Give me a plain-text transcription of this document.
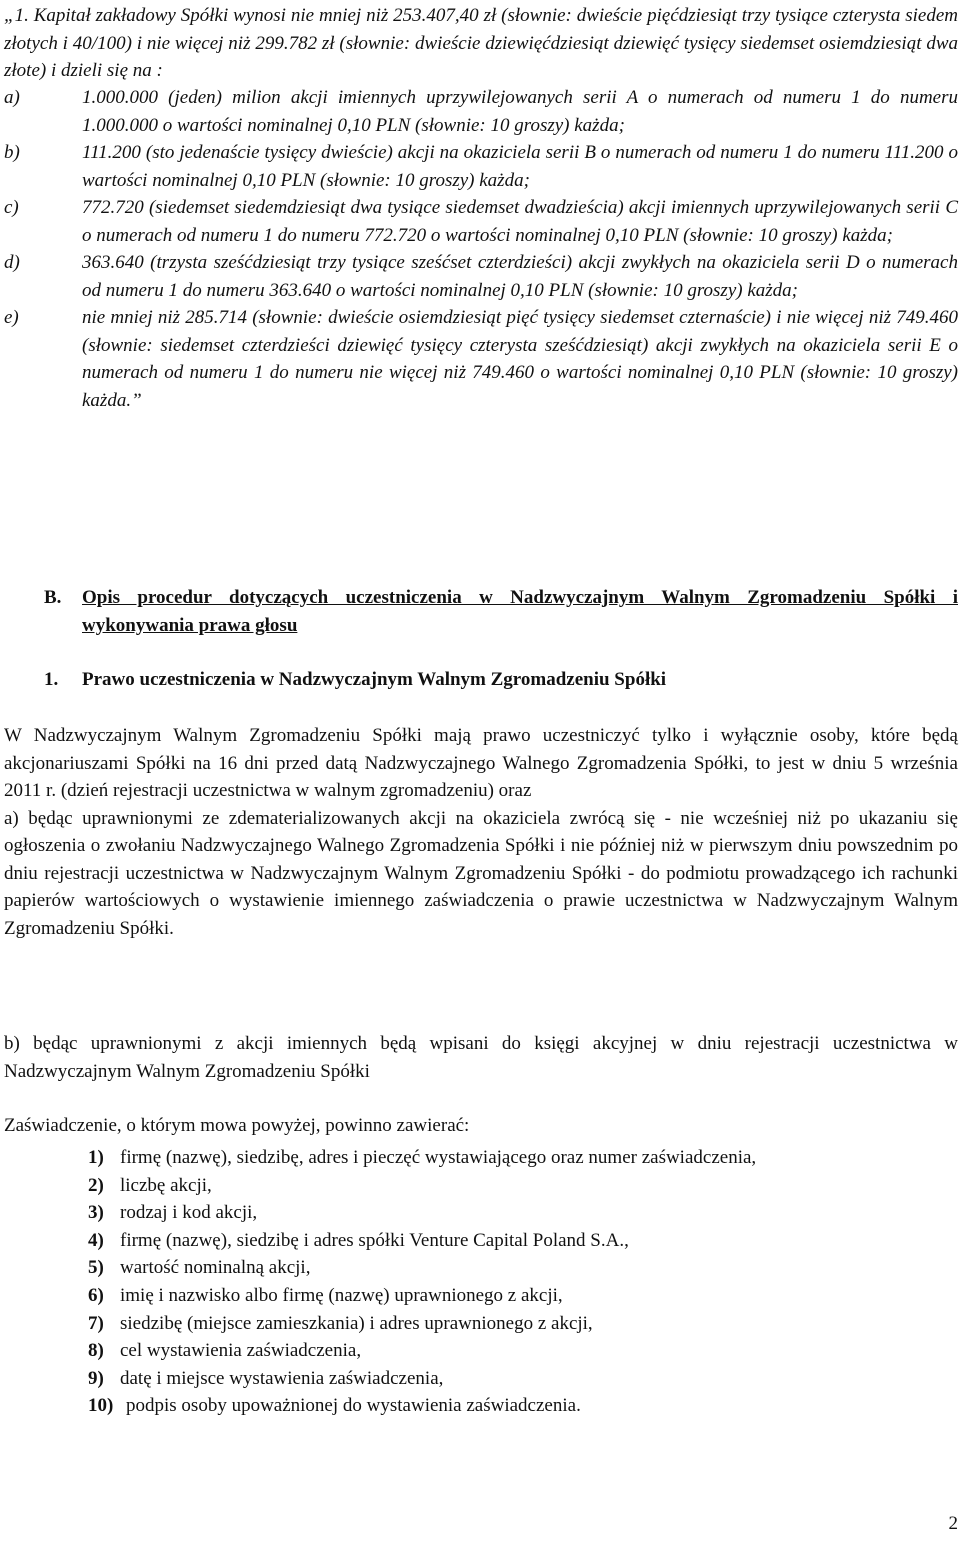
„1. Kapitał zakładowy Spółki wynosi nie mniej niż 253.407,40 zł (słownie: dwieście pięćdziesiąt trzy tysiące czterysta siedem złotych i 40/100) i nie więcej niż 299.782 zł (słownie: dwieście dziewięćdziesiąt dziewięć tysięcy siedemset osiemdziesiąt dwa złote) i dzieli się na :

a)	1.000.000 (jeden) milion akcji imiennych uprzywilejowanych serii A o numerach od numeru 1 do numeru 1.000.000 o wartości nominalnej 0,10 PLN (słownie: 10 groszy) każda;
b)	111.200 (sto jedenaście tysięcy dwieście) akcji na okaziciela serii B o numerach od numeru 1 do numeru 111.200 o wartości nominalnej 0,10 PLN (słownie: 10 groszy) każda;
c)	772.720 (siedemset siedemdziesiąt dwa tysiące siedemset dwadzieścia) akcji imiennych uprzywilejowanych serii C o numerach od numeru 1 do numeru 772.720 o wartości nominalnej 0,10 PLN (słownie: 10 groszy) każda;
d)	363.640 (trzysta sześćdziesiąt trzy tysiące sześćset czterdzieści) akcji zwykłych na okaziciela serii D o numerach od numeru 1 do numeru 363.640 o wartości nominalnej 0,10 PLN (słownie: 10 groszy) każda;
e)	nie mniej niż 285.714 (słownie: dwieście osiemdziesiąt pięć tysięcy siedemset czternaście) i nie więcej niż 749.460 (słownie: siedemset czterdzieści dziewięć tysięcy czterysta sześćdziesiąt) akcji zwykłych na okaziciela serii E o numerach od numeru 1 do numeru nie więcej niż 749.460 o wartości nominalnej 0,10 PLN (słownie: 10 groszy) każda.”
B.	Opis procedur dotyczących uczestniczenia w Nadzwyczajnym Walnym Zgromadzeniu Spółki i wykonywania prawa głosu
1.	Prawo uczestniczenia w Nadzwyczajnym Walnym Zgromadzeniu Spółki

W Nadzwyczajnym Walnym Zgromadzeniu Spółki mają prawo uczestniczyć tylko i wyłącznie osoby, które będą akcjonariuszami Spółki na 16 dni przed datą Nadzwyczajnego Walnego Zgromadzenia Spółki, to jest w dniu 5 września 2011 r. (dzień rejestracji uczestnictwa w walnym zgromadzeniu) oraz

a) będąc uprawnionymi ze zdematerializowanych akcji na okaziciela zwrócą się - nie wcześniej niż po ukazaniu się ogłoszenia o zwołaniu Nadzwyczajnego Walnego Zgromadzenia Spółki i nie później niż w pierwszym dniu powszednim po dniu rejestracji uczestnictwa w Nadzwyczajnym Walnym Zgromadzeniu Spółki - do podmiotu prowadzącego ich rachunki papierów wartościowych o wystawienie imiennego zaświadczenia o prawie uczestnictwa w Nadzwyczajnym Walnym Zgromadzeniu Spółki.

b) będąc uprawnionymi z akcji imiennych będą wpisani do księgi akcyjnej w dniu rejestracji uczestnictwa w Nadzwyczajnym Walnym Zgromadzeniu Spółki

Zaświadczenie, o którym mowa powyżej, powinno zawierać:

1) firmę (nazwę), siedzibę, adres i pieczęć wystawiającego oraz numer zaświadczenia,
2) liczbę akcji,
3) rodzaj i kod akcji,
4) firmę (nazwę), siedzibę i adres spółki Venture Capital Poland S.A.,
5) wartość nominalną akcji,
6) imię i nazwisko albo firmę (nazwę) uprawnionego z akcji,
7) siedzibę (miejsce zamieszkania) i adres uprawnionego z akcji,
8) cel wystawienia zaświadczenia,
9) datę i miejsce wystawienia zaświadczenia,
10) podpis osoby upoważnionej do wystawienia zaświadczenia.
2
